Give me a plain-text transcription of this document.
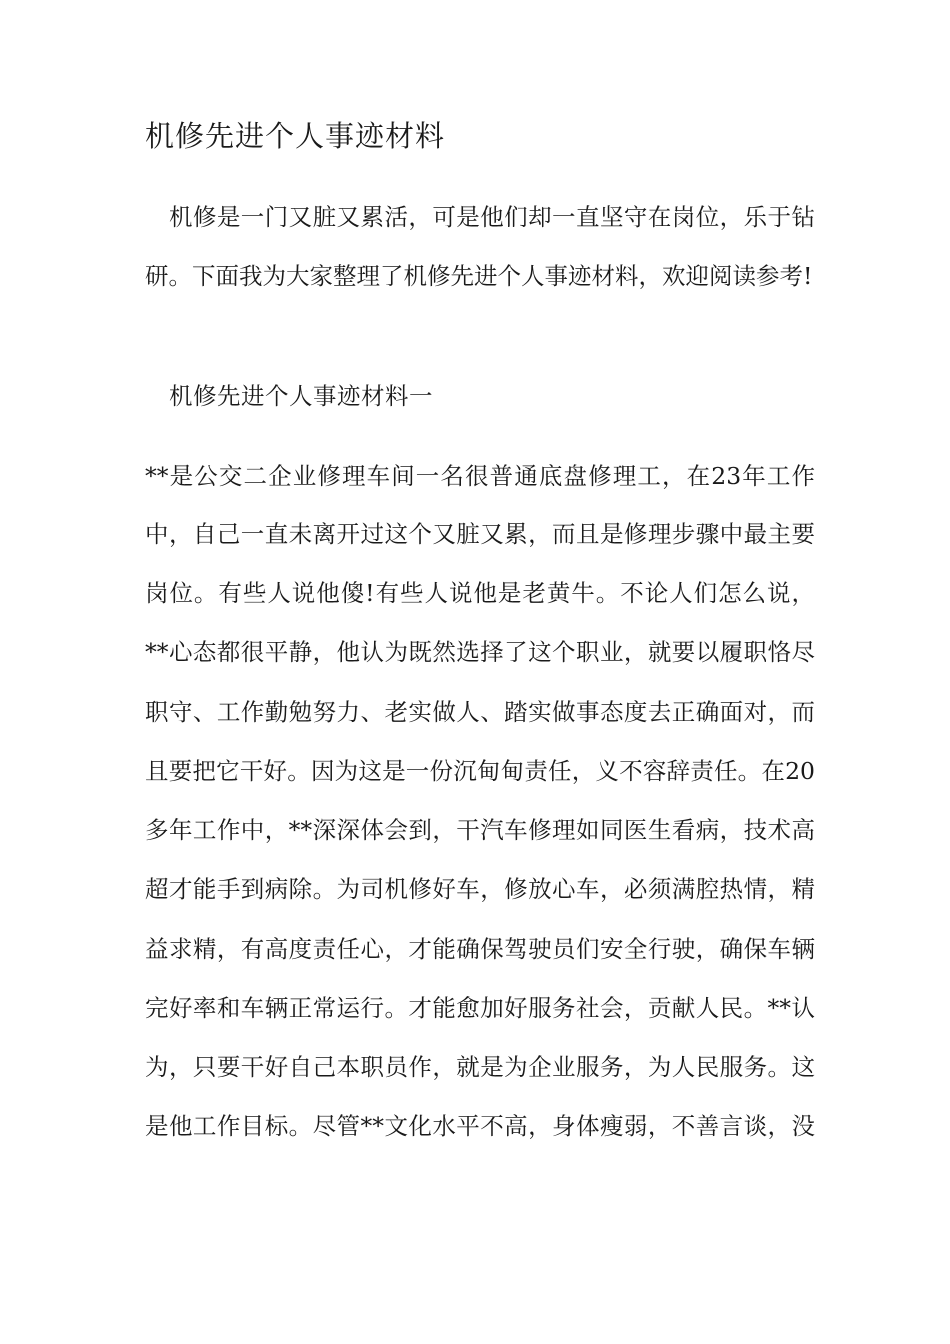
机修先进个人事迹材料
　机修是一门又脏又累活，可是他们却一直坚守在岗位，乐于钻
研。下面我为大家整理了机修先进个人事迹材料，欢迎阅读参考!
　机修先进个人事迹材料一
**是公交二企业修理车间一名很普通底盘修理工，在23年工作
中，自己一直未离开过这个又脏又累，而且是修理步骤中最主要
岗位。有些人说他傻!有些人说他是老黄牛。不论人们怎么说，
**心态都很平静，他认为既然选择了这个职业，就要以履职恪尽
职守、工作勤勉努力、老实做人、踏实做事态度去正确面对，而
且要把它干好。因为这是一份沉甸甸责任，义不容辞责任。在20
多年工作中，**深深体会到，干汽车修理如同医生看病，技术高
超才能手到病除。为司机修好车，修放心车，必须满腔热情，精
益求精，有高度责任心，才能确保驾驶员们安全行驶，确保车辆
完好率和车辆正常运行。才能愈加好服务社会，贡献人民。**认
为，只要干好自己本职员作，就是为企业服务，为人民服务。这
是他工作目标。尽管**文化水平不高，身体瘦弱，不善言谈，没
